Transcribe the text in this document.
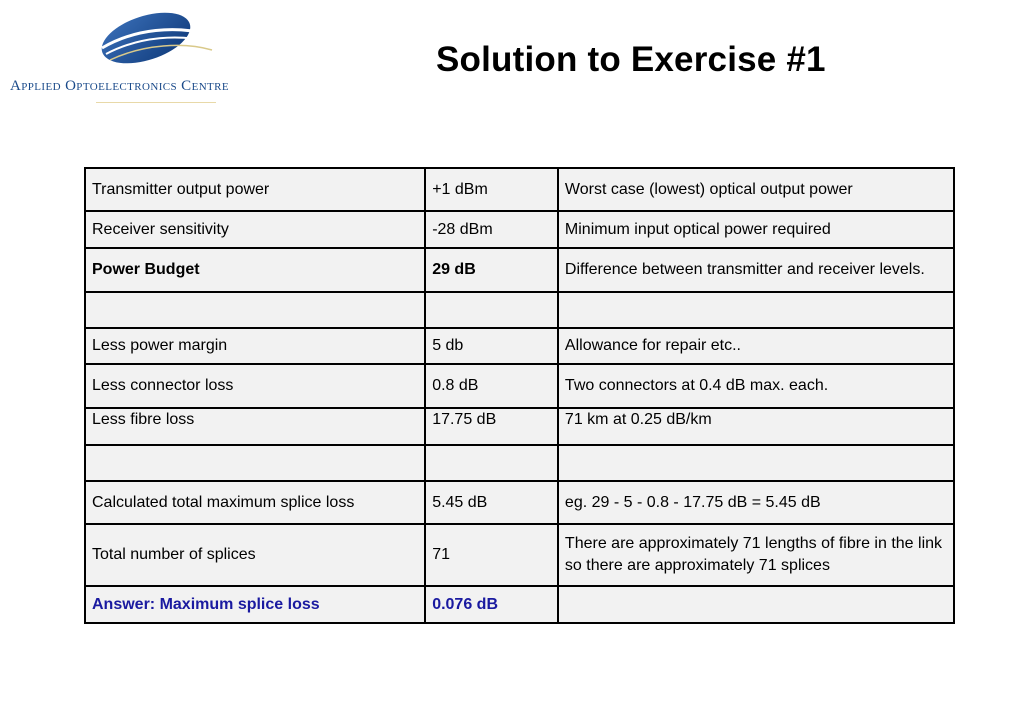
Applied Optoelectronics Centre
Solution to Exercise #1
Transmitter output power	+1 dBm	Worst case (lowest) optical output power
Receiver sensitivity	-28 dBm	Minimum input optical power required
Power Budget	29 dB	Difference between transmitter and receiver levels.

Less power margin	5 db	Allowance for repair etc..
Less connector loss	0.8 dB	Two connectors at 0.4 dB max. each.
Less fibre loss	17.75 dB	71 km at 0.25 dB/km

Calculated total maximum splice loss	5.45 dB	eg. 29 - 5 - 0.8 - 17.75 dB = 5.45 dB
Total number of splices	71	There are approximately 71 lengths of fibre in the link so there are approximately 71 splices
Answer: Maximum splice loss	0.076 dB	
